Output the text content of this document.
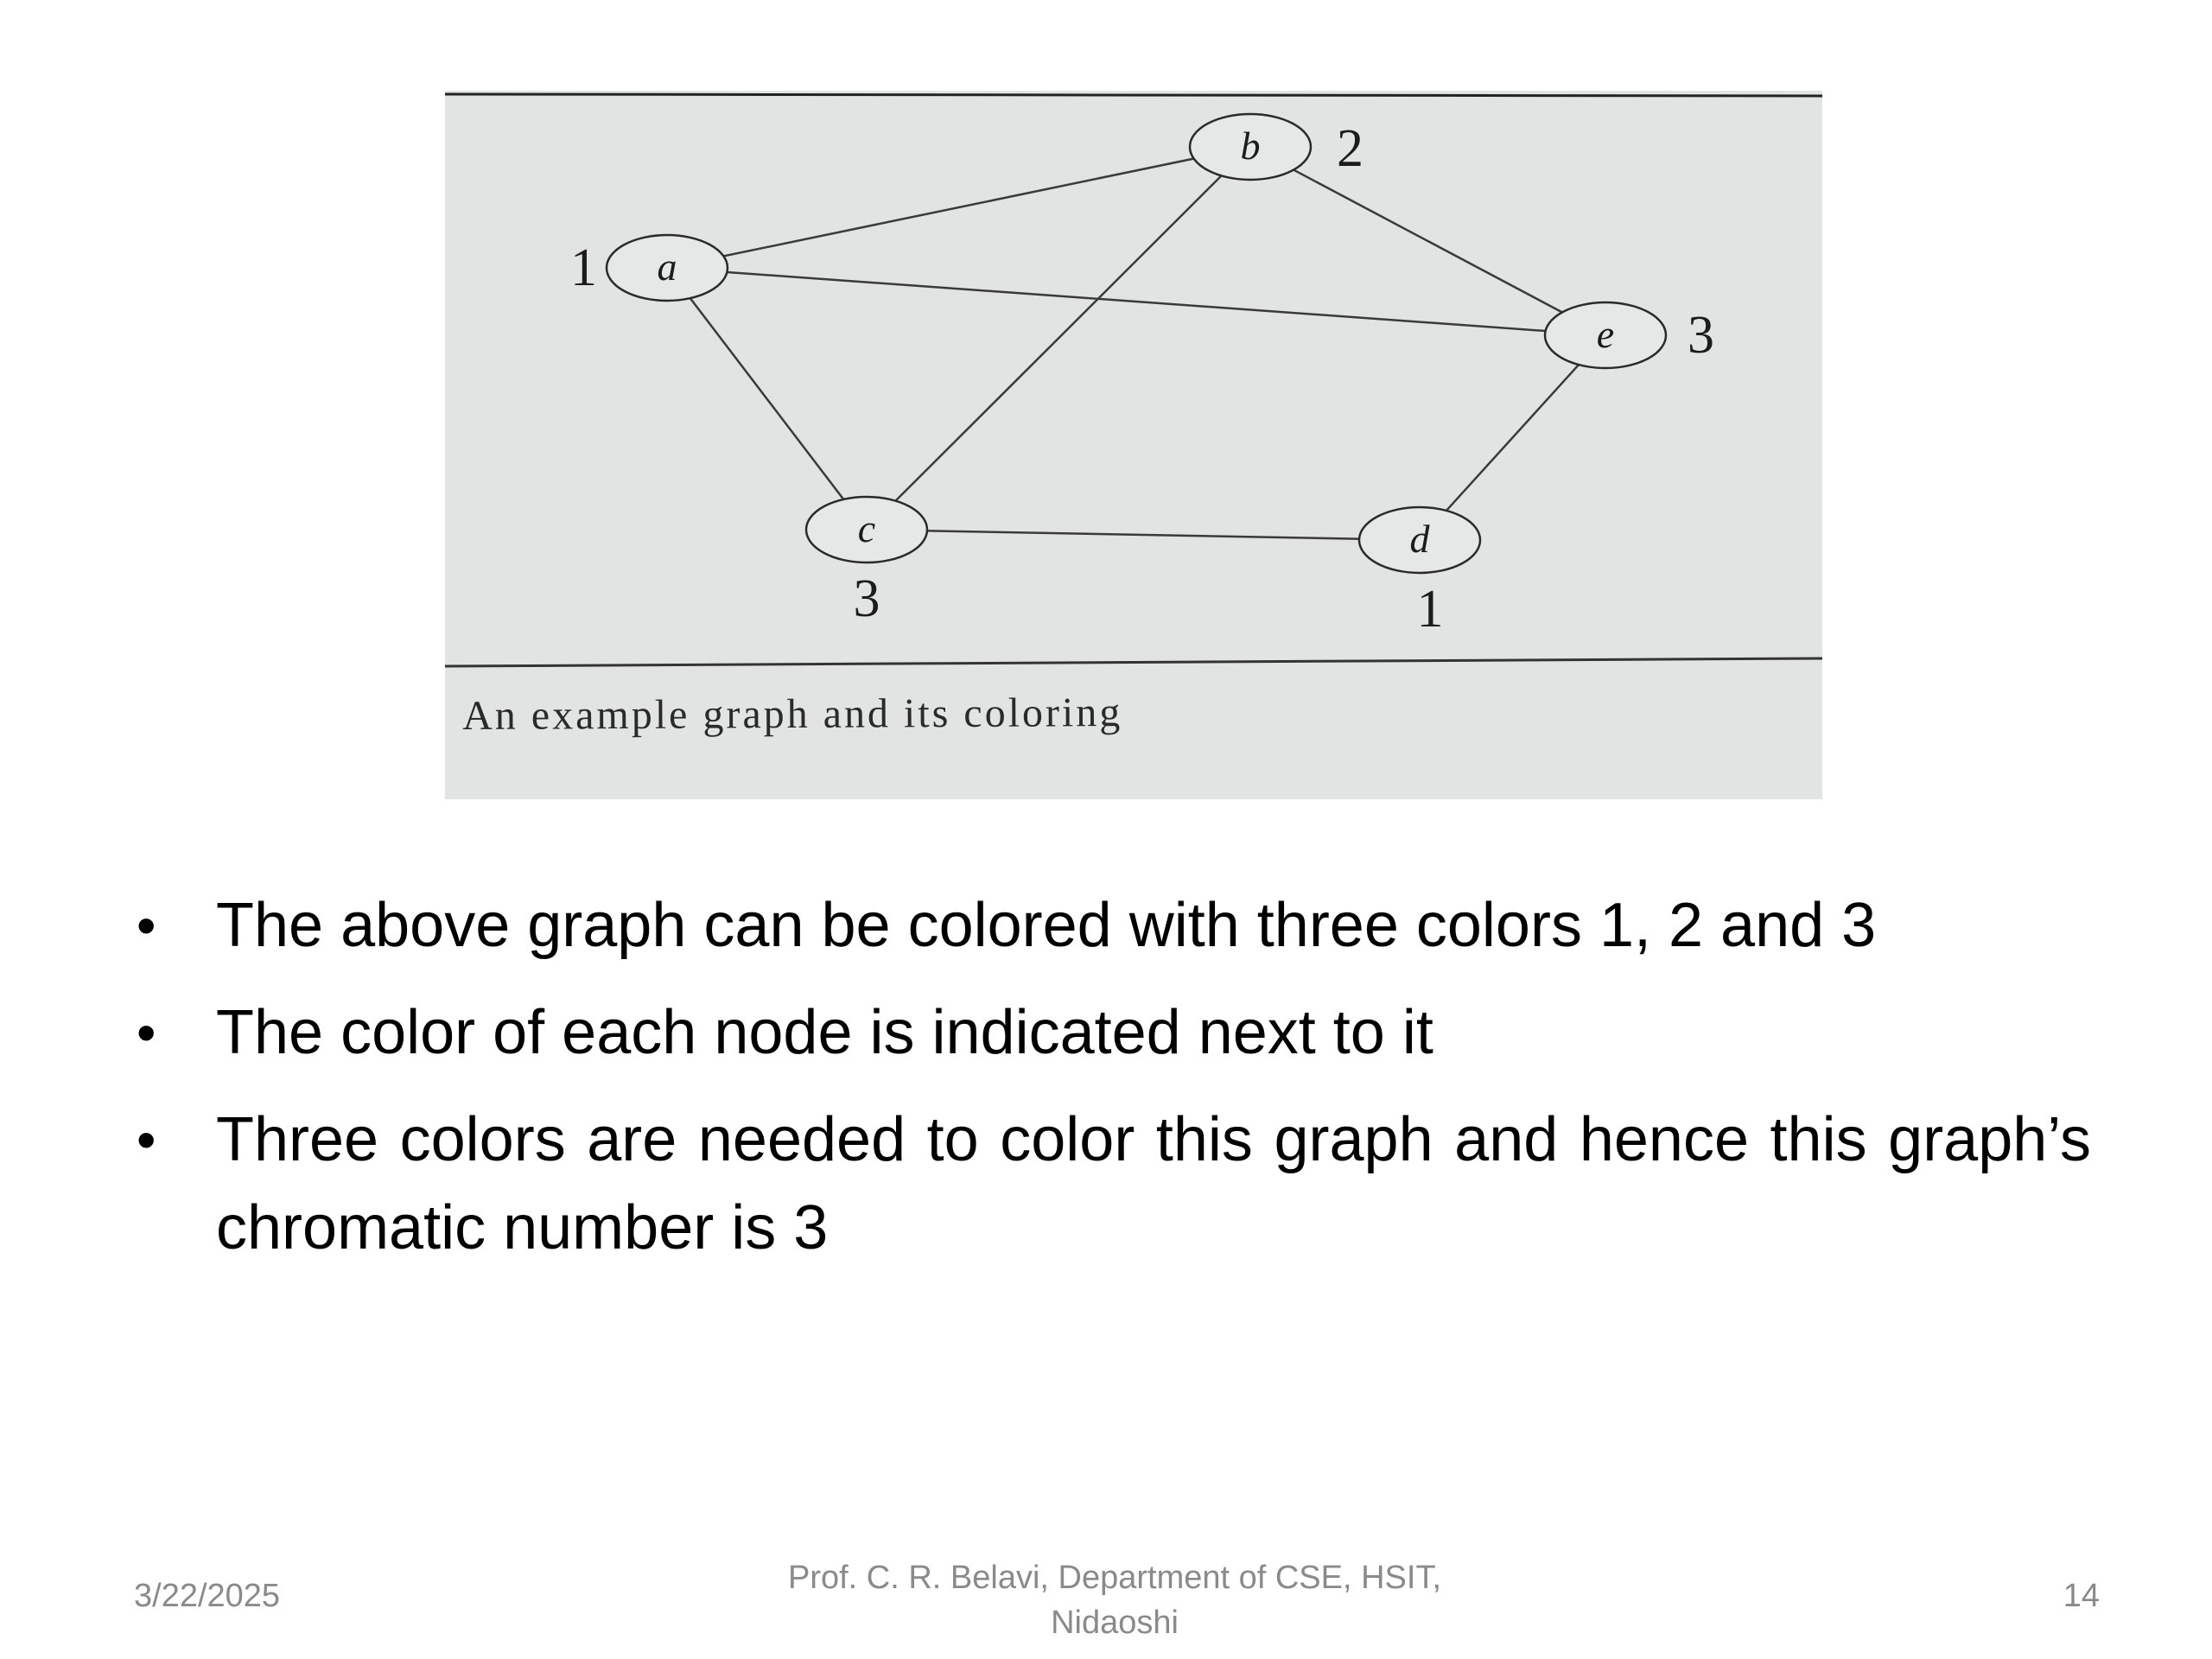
a
1
b 2
c
3
d
1
e 3
An example graph and its coloring
• The above graph can be colored with three colors 1, 2 and 3
• The color of each node is indicated next to it
• Three colors are needed to color this graph and hence this graph’s chromatic number is 3
3/22/2025	Prof. C. R. Belavi, Department of CSE, HSIT,
Nidaoshi
14
